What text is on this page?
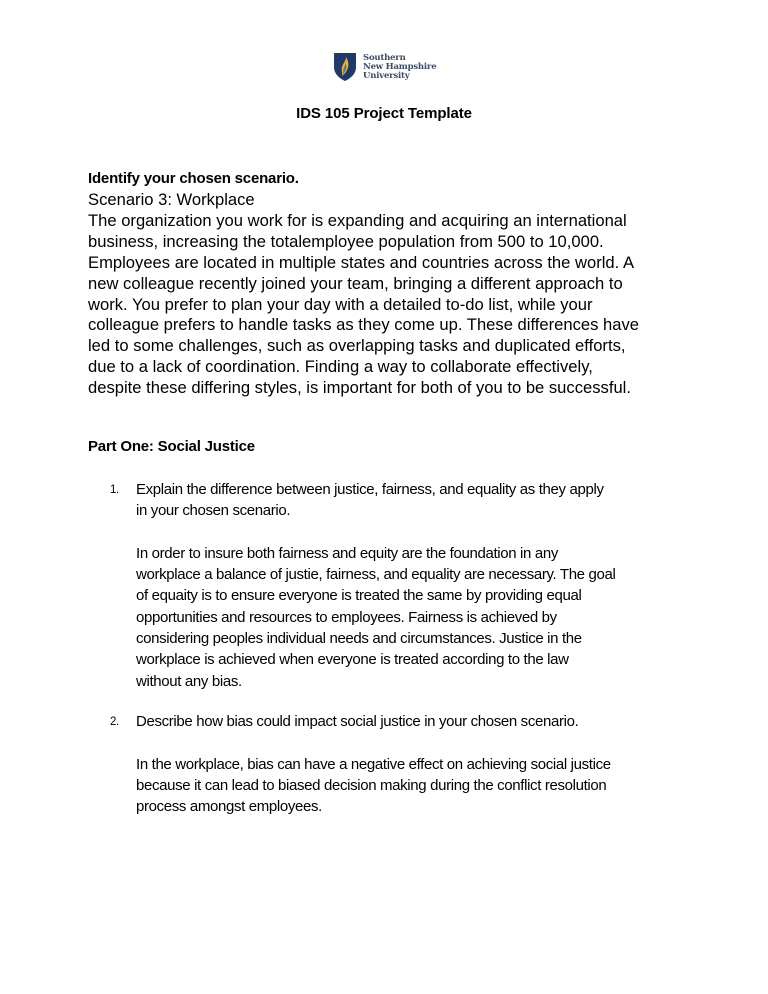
Southern
New Hampshire
University
IDS 105 Project Template
Identify your chosen scenario.
Scenario 3: Workplace
The organization you work for is expanding and acquiring an international
business, increasing the totalemployee population from 500 to 10,000.
Employees are located in multiple states and countries across the world. A
new colleague recently joined your team, bringing a different approach to
work. You prefer to plan your day with a detailed to-do list, while your
colleague prefers to handle tasks as they come up. These differences have
led to some challenges, such as overlapping tasks and duplicated efforts,
due to a lack of coordination. Finding a way to collaborate effectively,
despite these differing styles, is important for both of you to be successful.
Part One: Social Justice
1. Explain the difference between justice, fairness, and equality as they apply
in your chosen scenario.
In order to insure both fairness and equity are the foundation in any
workplace a balance of justie, fairness, and equality are necessary. The goal
of equaity is to ensure everyone is treated the same by providing equal
opportunities and resources to employees. Fairness is achieved by
considering peoples individual needs and circumstances. Justice in the
workplace is achieved when everyone is treated according to the law
without any bias.
2. Describe how bias could impact social justice in your chosen scenario.
In the workplace, bias can have a negative effect on achieving social justice
because it can lead to biased decision making during the conflict resolution
process amongst employees.
